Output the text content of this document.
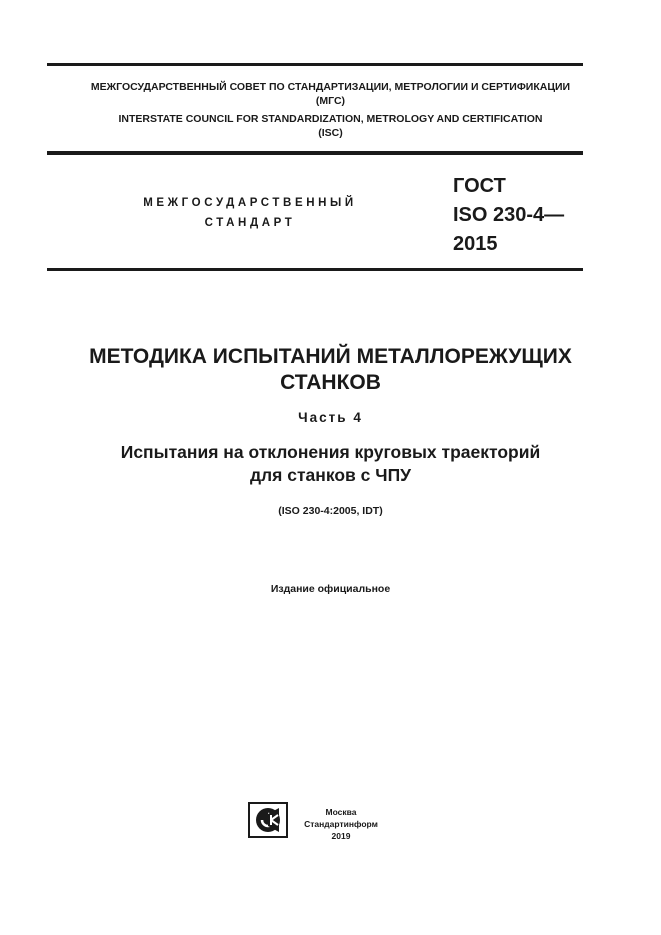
МЕЖГОСУДАРСТВЕННЫЙ СОВЕТ ПО СТАНДАРТИЗАЦИИ, МЕТРОЛОГИИ И СЕРТИФИКАЦИИ
(МГС)
INTERSTATE COUNCIL FOR STANDARDIZATION, METROLOGY AND CERTIFICATION
(ISC)
МЕЖГОСУДАРСТВЕННЫЙ
СТАНДАРТ
ГОСТ
ISO 230-4—
2015
МЕТОДИКА ИСПЫТАНИЙ МЕТАЛЛОРЕЖУЩИХ
СТАНКОВ
Часть 4
Испытания на отклонения круговых траекторий
для станков с ЧПУ
(ISO 230-4:2005, IDT)
Издание официальное
Москва
Стандартинформ
2019
